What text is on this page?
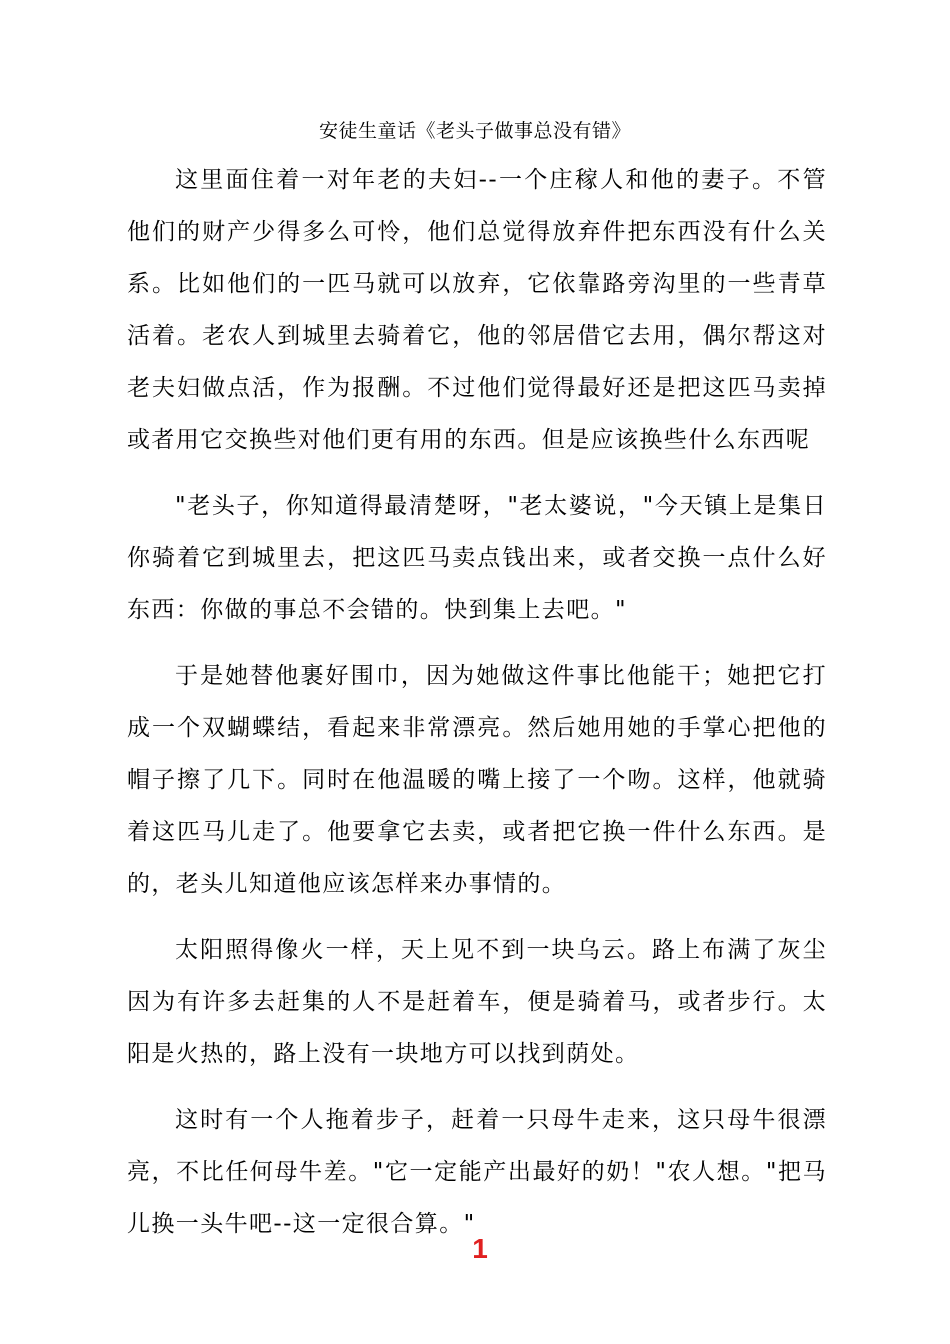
安徒生童话《老头子做事总没有错》

这里面住着一对年老的夫妇--一个庄稼人和他的妻子。不管他们的财产少得多么可怜，他们总觉得放弃件把东西没有什么关系。比如他们的一匹马就可以放弃，它依靠路旁沟里的一些青草活着。老农人到城里去骑着它，他的邻居借它去用，偶尔帮这对老夫妇做点活，作为报酬。不过他们觉得最好还是把这匹马卖掉或者用它交换些对他们更有用的东西。但是应该换些什么东西呢

"老头子，你知道得最清楚呀，"老太婆说，"今天镇上是集日你骑着它到城里去，把这匹马卖点钱出来，或者交换一点什么好东西：你做的事总不会错的。快到集上去吧。"

于是她替他裹好围巾，因为她做这件事比他能干；她把它打成一个双蝴蝶结，看起来非常漂亮。然后她用她的手掌心把他的帽子擦了几下。同时在他温暖的嘴上接了一个吻。这样，他就骑着这匹马儿走了。他要拿它去卖，或者把它换一件什么东西。是的，老头儿知道他应该怎样来办事情的。

太阳照得像火一样，天上见不到一块乌云。路上布满了灰尘因为有许多去赶集的人不是赶着车，便是骑着马，或者步行。太阳是火热的，路上没有一块地方可以找到荫处。

这时有一个人拖着步子，赶着一只母牛走来，这只母牛很漂亮，不比任何母牛差。"它一定能产出最好的奶！"农人想。"把马儿换一头牛吧--这一定很合算。"

1
